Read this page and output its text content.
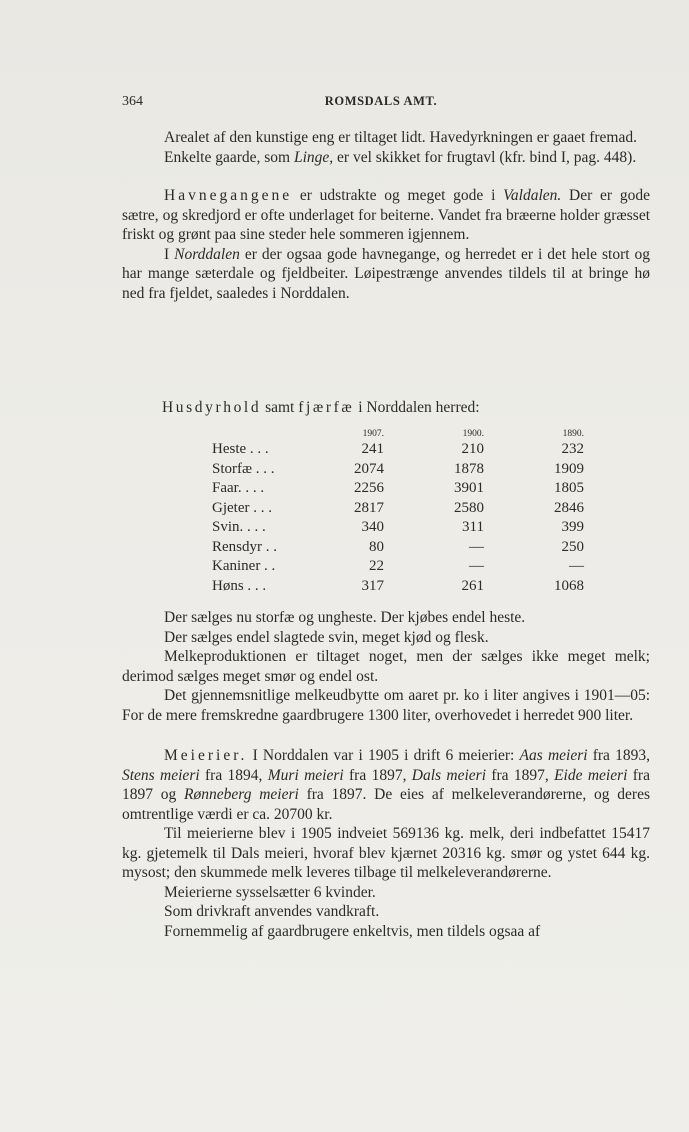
364	ROMSDALS AMT.

Arealet af den kunstige eng er tiltaget lidt. Havedyrkningen er gaaet fremad.

Enkelte gaarde, som Linge, er vel skikket for frugtavl (kfr. bind I, pag. 448).

Havnegangene er udstrakte og meget gode i Valdalen. Der er gode sætre, og skredjord er ofte underlaget for beiterne. Vandet fra bræerne holder græsset friskt og grønt paa sine steder hele sommeren igjennem.

I Norddalen er der ogsaa gode havnegange, og herredet er i det hele stort og har mange sæterdale og fjeldbeiter. Løipestrænge anvendes tildels til at bringe hø ned fra fjeldet, saaledes i Norddalen.

Husdyrhold samt fjærfæ i Norddalen herred:
	1907.	1900.	1890.
Heste . . .	241	210	232
Storfæ . . .	2074	1878	1909
Faar. . . .	2256	3901	1805
Gjeter . . .	2817	2580	2846
Svin. . . .	340	311	399
Rensdyr . .	80	—	250
Kaniner . .	22	—	—
Høns . . .	317	261	1068

Der sælges nu storfæ og ungheste. Der kjøbes endel heste.

Der sælges endel slagtede svin, meget kjød og flesk.

Melkeproduktionen er tiltaget noget, men der sælges ikke meget melk; derimod sælges meget smør og endel ost.

Det gjennemsnitlige melkeudbytte om aaret pr. ko i liter angives i 1901—05: For de mere fremskredne gaardbrugere 1300 liter, overhovedet i herredet 900 liter.

Meierier. I Norddalen var i 1905 i drift 6 meierier: Aas meieri fra 1893, Stens meieri fra 1894, Muri meieri fra 1897, Dals meieri fra 1897, Eide meieri fra 1897 og Rønneberg meieri fra 1897. De eies af melkeleverandørerne, og deres omtrentlige værdi er ca. 20700 kr.

Til meierierne blev i 1905 indveiet 569136 kg. melk, deri indbefattet 15417 kg. gjetemelk til Dals meieri, hvoraf blev kjærnet 20316 kg. smør og ystet 644 kg. mysost; den skummede melk leveres tilbage til melkeleverandørerne.

Meierierne sysselsætter 6 kvinder.

Som drivkraft anvendes vandkraft.

Fornemmelig af gaardbrugere enkeltvis, men tildels ogsaa af
